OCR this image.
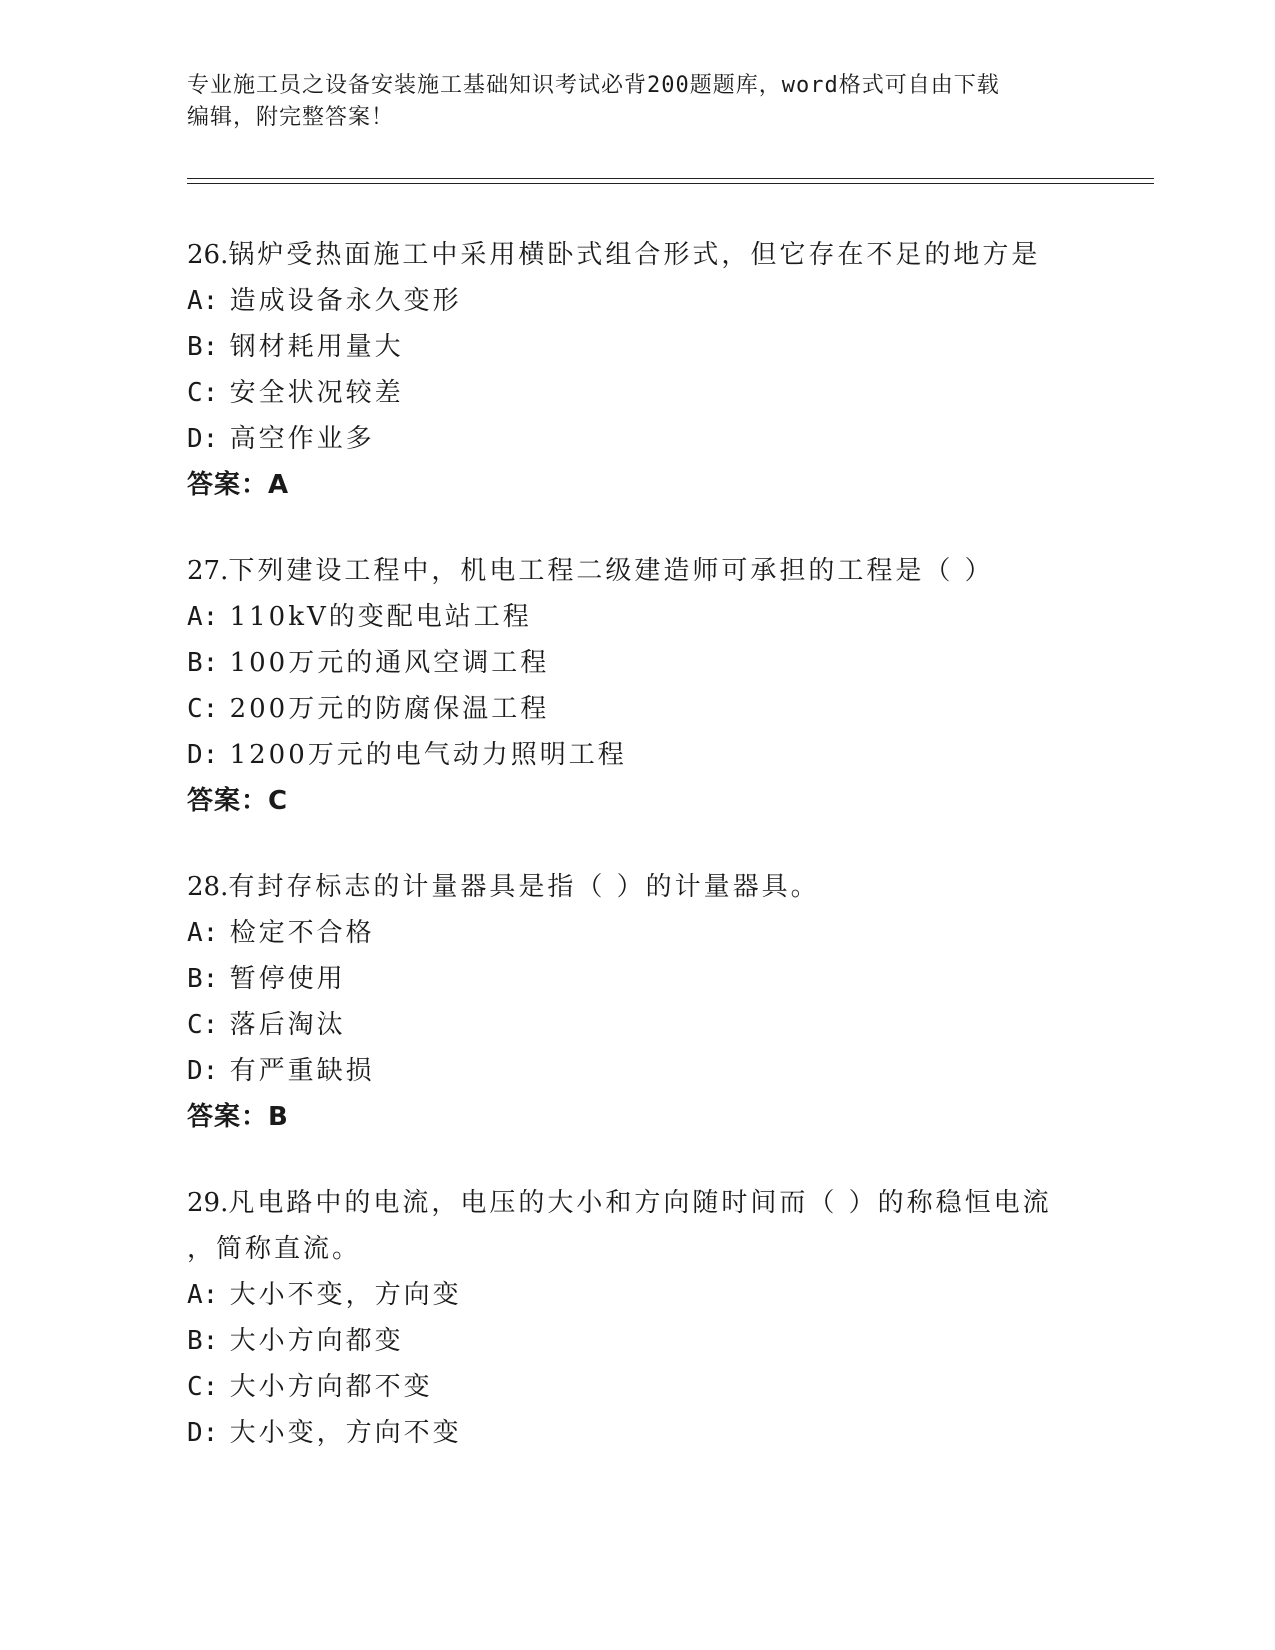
专业施工员之设备安装施工基础知识考试必背200题题库，word格式可自由下载
编辑，附完整答案！
26.锅炉受热面施工中采用横卧式组合形式，但它存在不足的地方是
A: 造成设备永久变形
B: 钢材耗用量大
C: 安全状况较差
D: 高空作业多
答案：A
27.下列建设工程中，机电工程二级建造师可承担的工程是（ ）
A: 110kV的变配电站工程
B: 100万元的通风空调工程
C: 200万元的防腐保温工程
D: 1200万元的电气动力照明工程
答案：C
28.有封存标志的计量器具是指（ ）的计量器具。
A: 检定不合格
B: 暂停使用
C: 落后淘汰
D: 有严重缺损
答案：B
29.凡电路中的电流，电压的大小和方向随时间而（ ）的称稳恒电流
，简称直流。
A: 大小不变，方向变
B: 大小方向都变
C: 大小方向都不变
D: 大小变，方向不变
